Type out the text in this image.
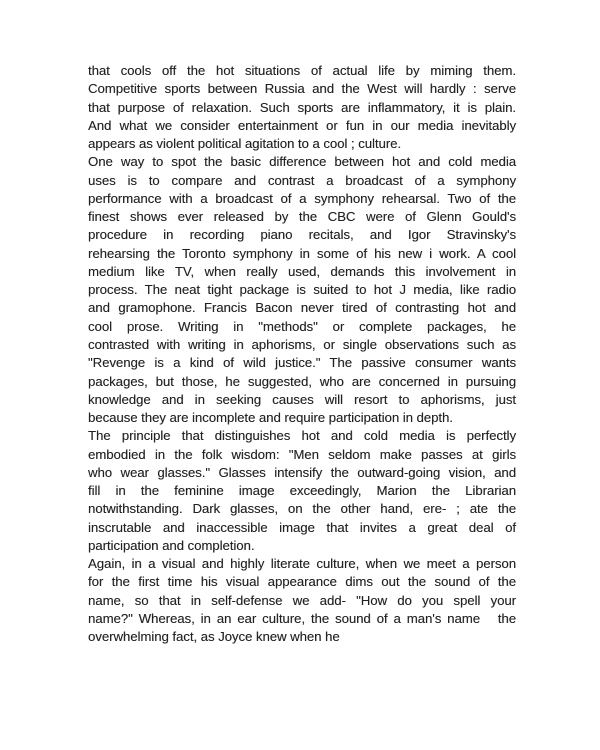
that cools off the hot situations of actual life by miming them.
Competitive sports between Russia and the West will hardly : serve
that purpose of relaxation. Such sports are inflammatory, it is plain.
And what we consider entertainment or fun in our media inevitably
appears as violent political agitation to a cool ; culture.
One way to spot the basic difference between hot and cold media
uses is to compare and contrast a broadcast of a symphony
performance with a broadcast of a symphony rehearsal. Two of the
finest shows ever released by the CBC were of Glenn Gould's
procedure in recording piano recitals, and Igor Stravinsky's
rehearsing the Toronto symphony in some of his new i work. A cool
medium like TV, when really used, demands this involvement in
process. The neat tight package is suited to hot J media, like radio
and gramophone. Francis Bacon never tired of contrasting hot and
cool prose. Writing in "methods" or complete packages, he
contrasted with writing in aphorisms, or single observations such as
"Revenge is a kind of wild justice." The passive consumer wants
packages, but those, he suggested, who are concerned in pursuing
knowledge and in seeking causes will resort to aphorisms, just
because they are incomplete and require participation in depth.
The principle that distinguishes hot and cold media is perfectly
embodied in the folk wisdom: "Men seldom make passes at girls
who wear glasses." Glasses intensify the outward-going vision, and
fill in the feminine image exceedingly, Marion the Librarian
notwithstanding. Dark glasses, on the other hand, ere- ; ate the
inscrutable and inaccessible image that invites a great deal of
participation and completion.
Again, in a visual and highly literate culture, when we meet a person
for the first time his visual appearance dims out the sound of the
name, so that in self-defense we add- "How do you spell your
name?" Whereas, in an ear culture, the sound of a man's name   the
overwhelming fact, as Joyce knew when he
